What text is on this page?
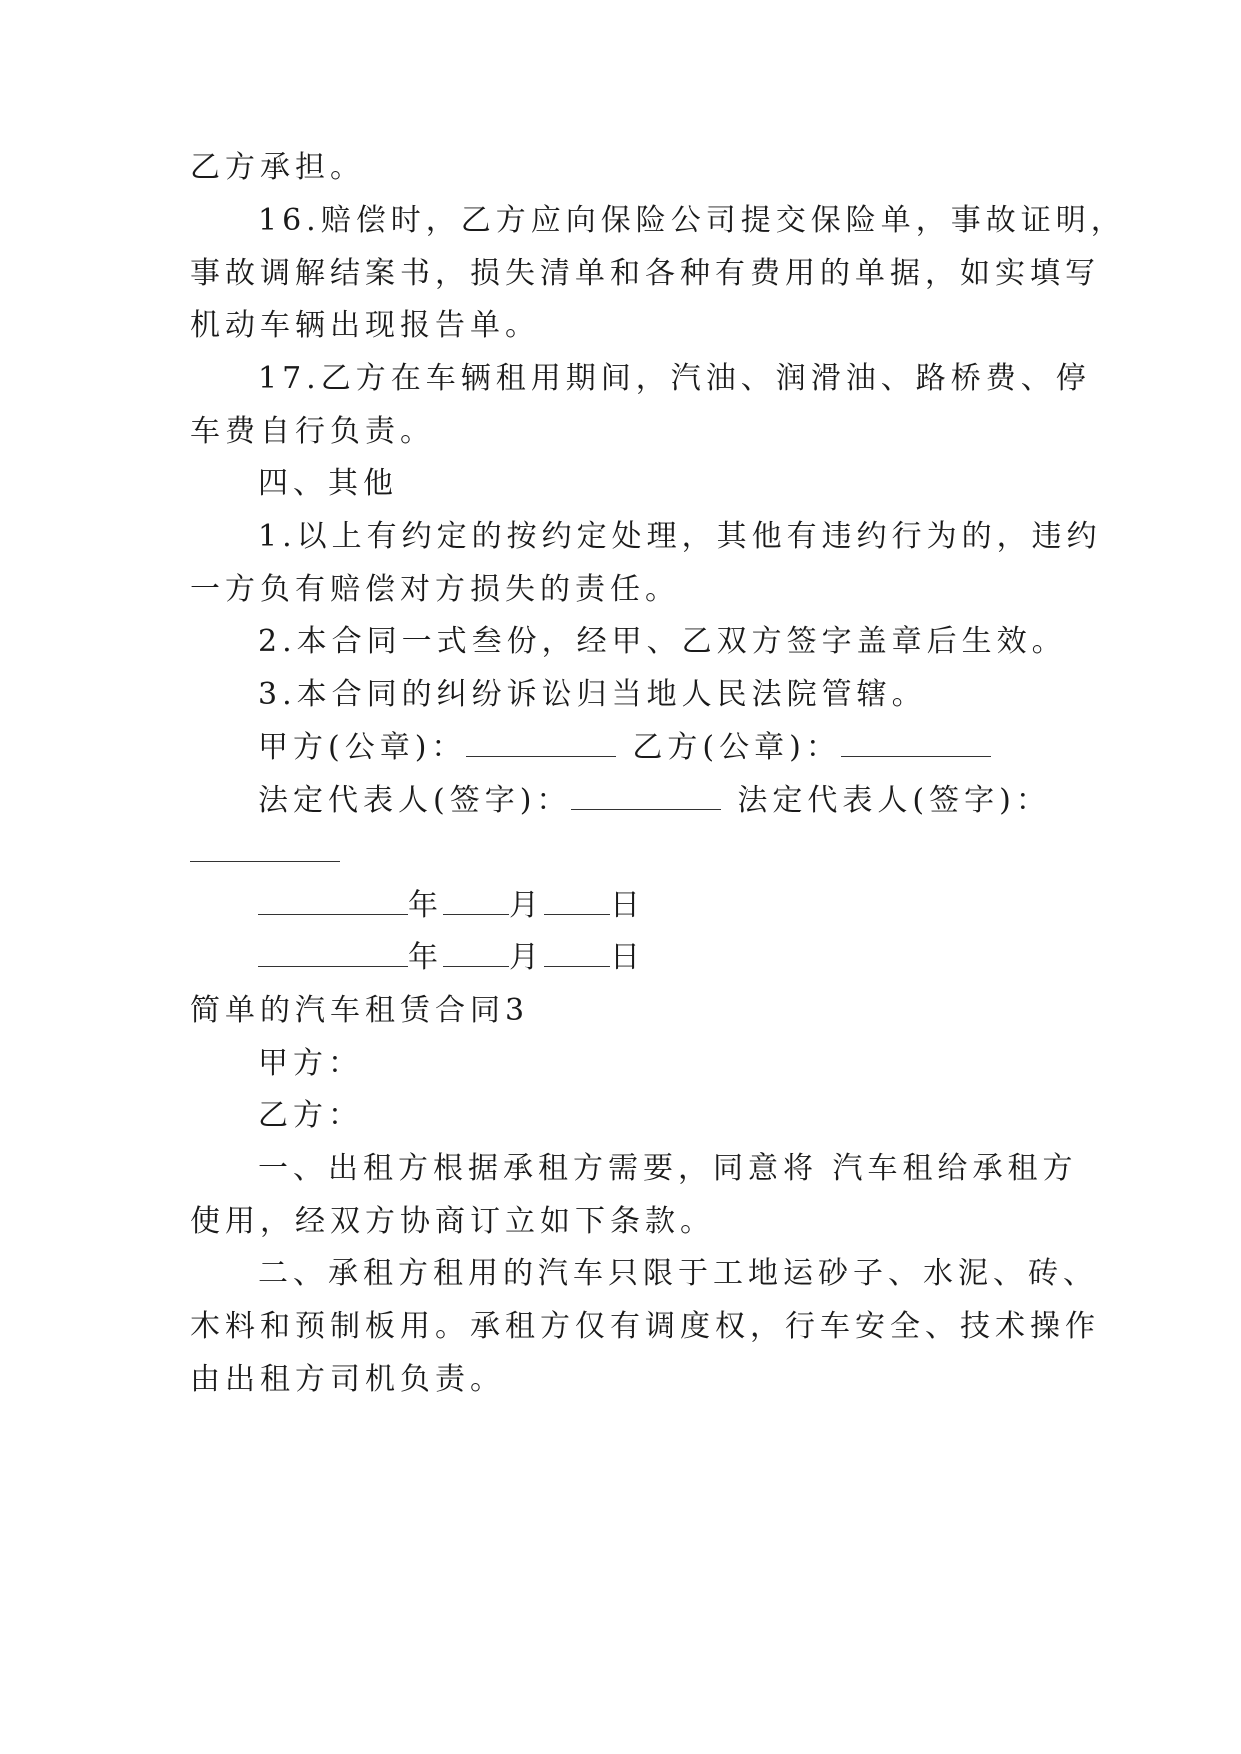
乙方承担。
16.赔偿时，乙方应向保险公司提交保险单，事故证明，
事故调解结案书，损失清单和各种有费用的单据，如实填写
机动车辆出现报告单。
17.乙方在车辆租用期间，汽油、润滑油、路桥费、停
车费自行负责。
四、其他
1.以上有约定的按约定处理，其他有违约行为的，违约
一方负有赔偿对方损失的责任。
2.本合同一式叁份，经甲、乙双方签字盖章后生效。
3.本合同的纠纷诉讼归当地人民法院管辖。
甲方(公章)：	乙方(公章)：
法定代表人(签字)：	法定代表人(签字)：
年 月 日
年 月 日
简单的汽车租赁合同3
甲方：
乙方：
一、出租方根据承租方需要，同意将 汽车租给承租方
使用，经双方协商订立如下条款。
二、承租方租用的汽车只限于工地运砂子、水泥、砖、
木料和预制板用。承租方仅有调度权，行车安全、技术操作
由出租方司机负责。
